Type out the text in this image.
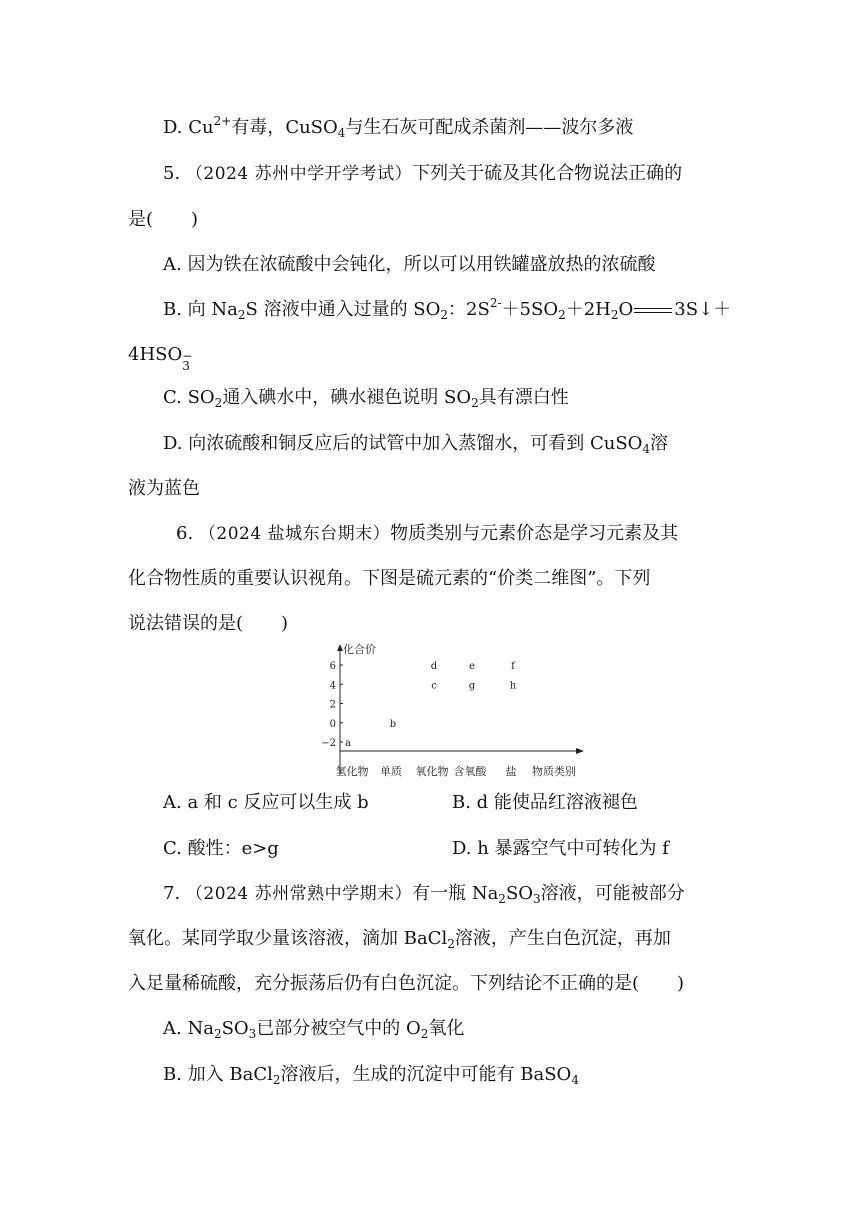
D. $Cu^{2+}$有毒，CuSO$_4$与生石灰可配成杀菌剂——波尔多液
5. （2024 苏州中学开学考试）下列关于硫及其化合物说法正确的
是( )
A. 因为铁在浓硫酸中会钝化，所以可以用铁罐盛放热的浓硫酸
B. 向 $Na_2S$ 溶液中通入过量的 $SO_2$：$2S^{2-}+5SO_2+2H_2O$ 3S↓＋
4HSO −
3
C. $SO_2$通入碘水中，碘水褪色说明 $SO_2$具有漂白性
D. 向浓硫酸和铜反应后的试管中加入蒸馏水，可看到 CuSO$_4$溶
液为蓝色
6. （2024 盐城东台期末）物质类别与元素价态是学习元素及其
化合物性质的重要认识视角。下图是硫元素的“价类二维图”。下列
说法错误的是( )
化合价
6
4
2
0
−2
氢化物 单质 氧化物 含氧酸 盐 物质类别
a
b
c
d	e
g
f
h
A. a 和 c 反应可以生成 b	B. d 能使品红溶液褪色
C. 酸性：e>g	D. h 暴露空气中可转化为 f
7. （2024 苏州常熟中学期末）有一瓶 $Na_2SO_3$溶液，可能被部分
氧化。某同学取少量该溶液，滴加 BaCl$_2$溶液，产生白色沉淀，再加
入足量稀硫酸，充分振荡后仍有白色沉淀。下列结论不正确的是( )
A. $Na_2SO_3$已部分被空气中的 $O_2$氧化
B. 加入 BaCl$_2$溶液后，生成的沉淀中可能有 BaSO$_4$
